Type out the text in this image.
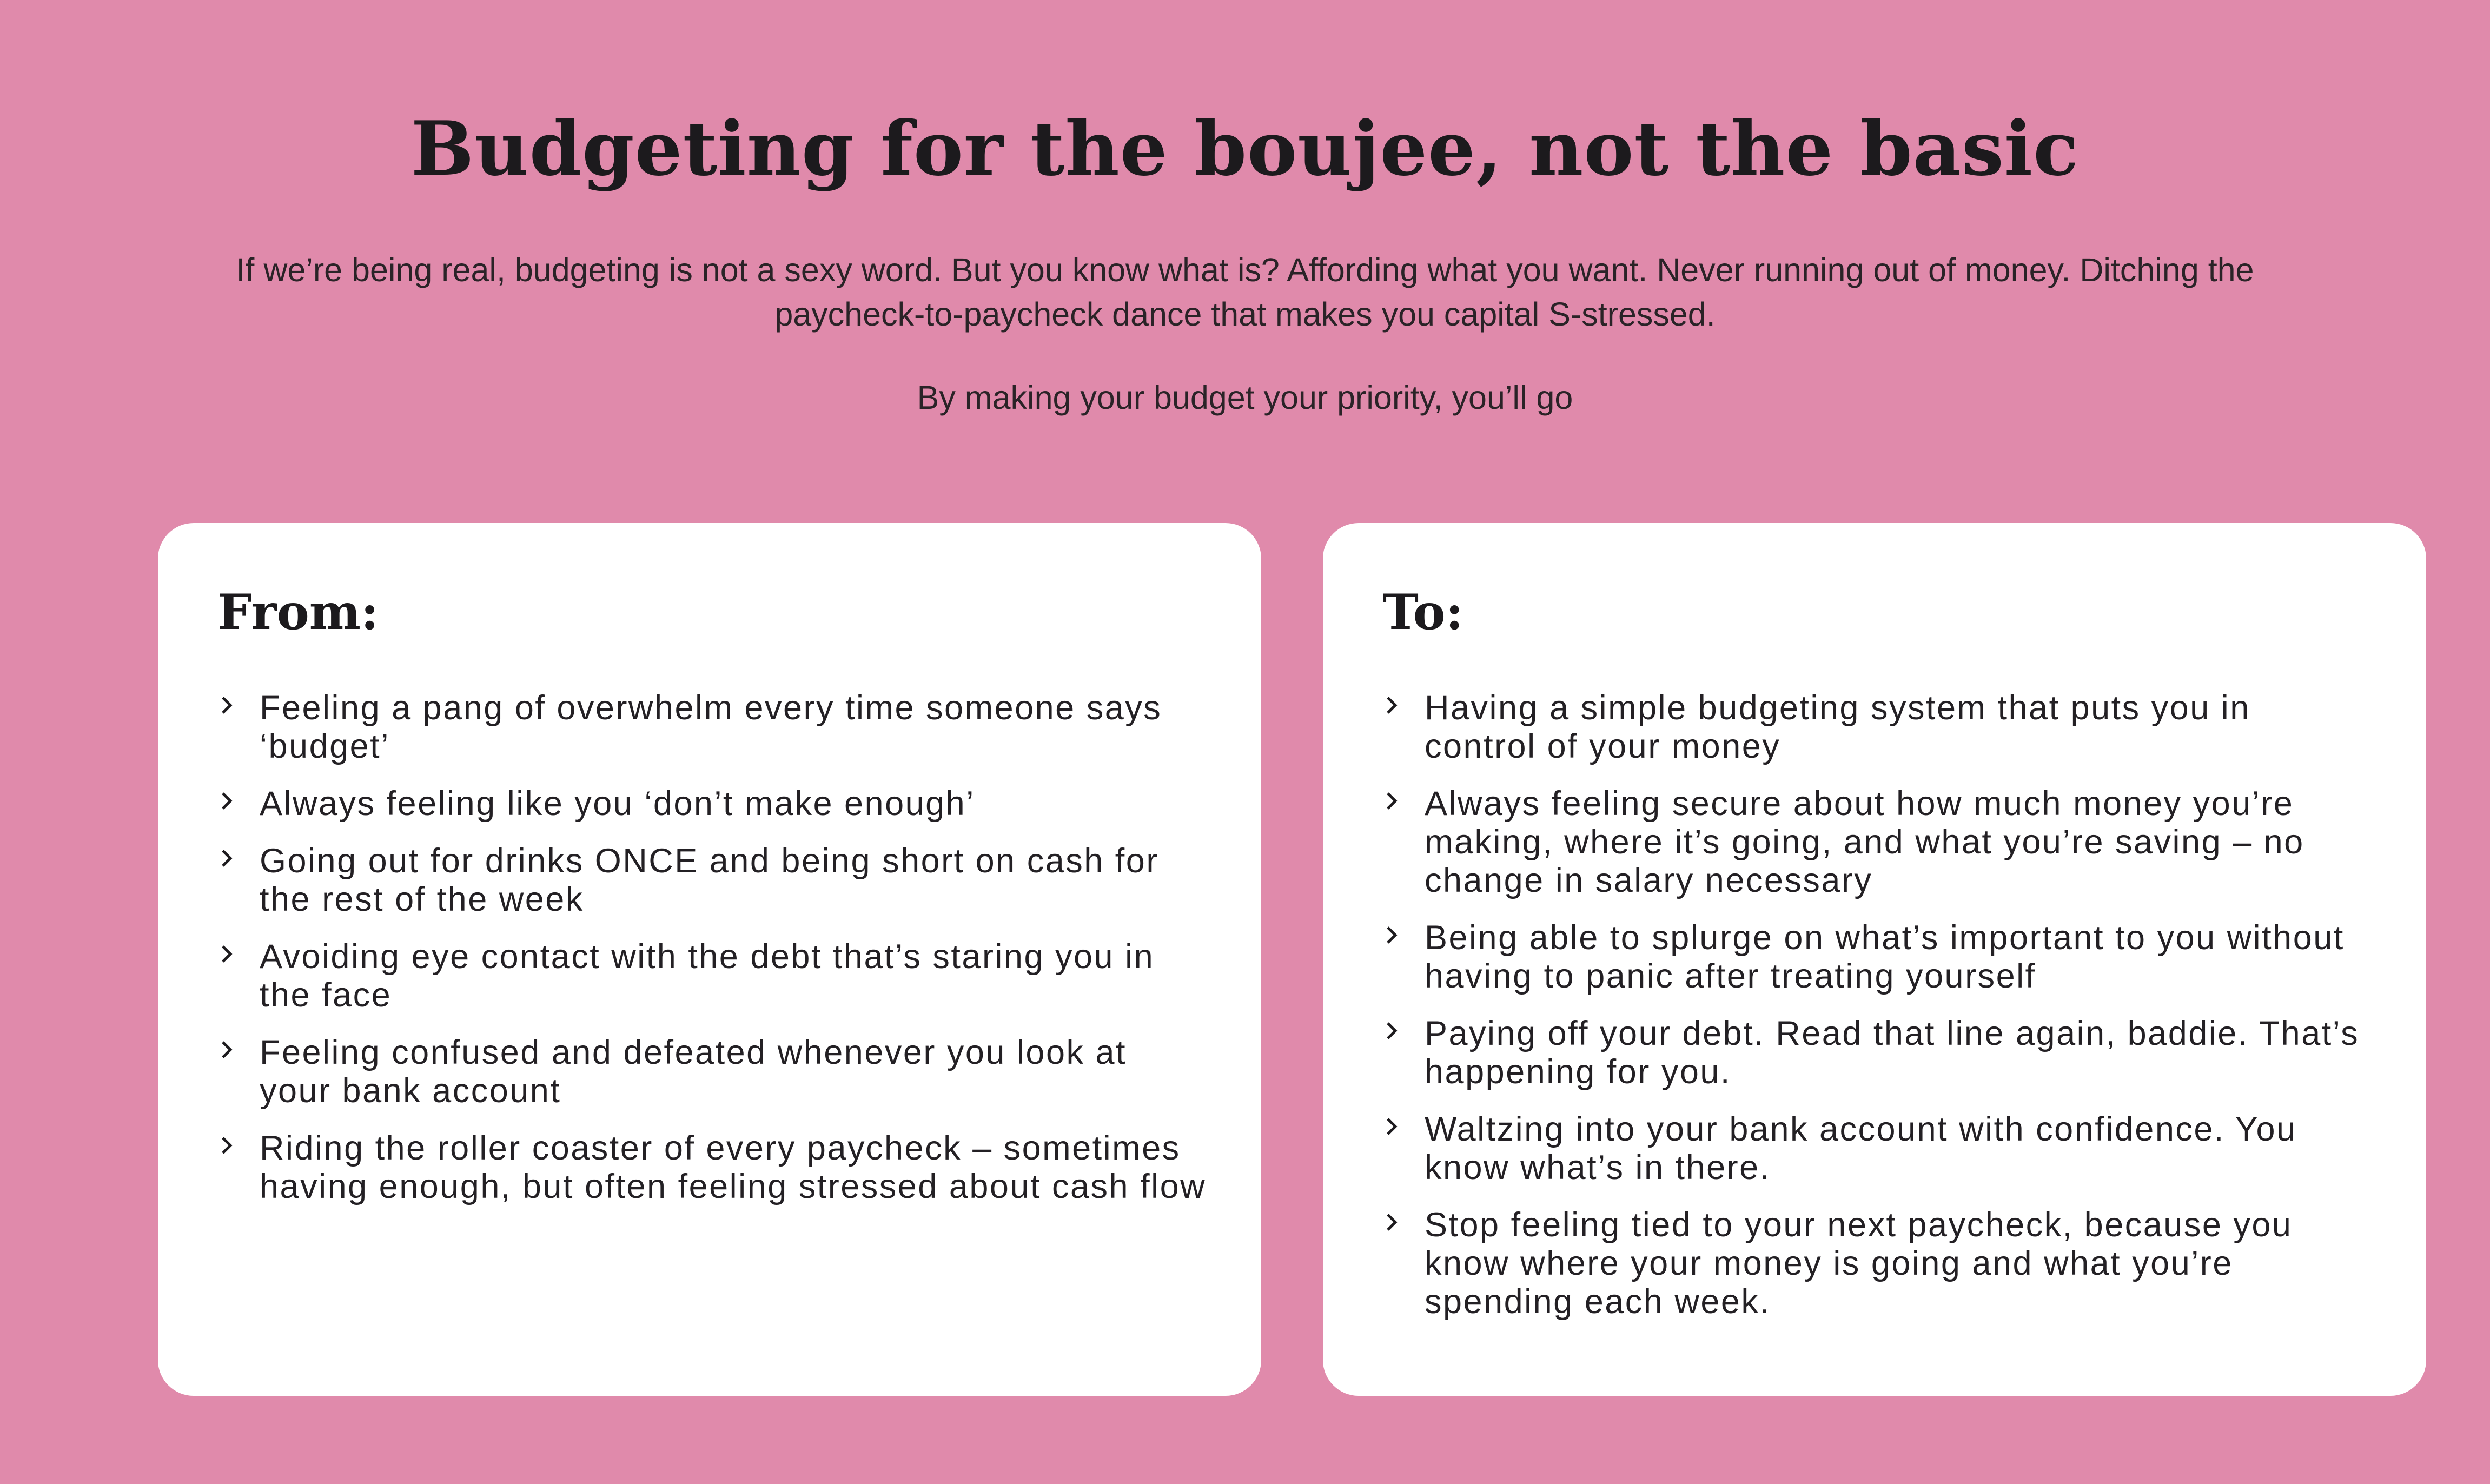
Budgeting for the boujee, not the basic

If we’re being real, budgeting is not a sexy word. But you know what is? Affording what you want. Never running out of money. Ditching the paycheck-to-paycheck dance that makes you capital S-stressed.

By making your budget your priority, you’ll go

From:
Feeling a pang of overwhelm every time someone says ‘budget’
Always feeling like you ‘don’t make enough’
Going out for drinks ONCE and being short on cash for the rest of the week
Avoiding eye contact with the debt that’s staring you in the face
Feeling confused and defeated whenever you look at your bank account
Riding the roller coaster of every paycheck – sometimes having enough, but often feeling stressed about cash flow
To:
Having a simple budgeting system that puts you in control of your money
Always feeling secure about how much money you’re making, where it’s going, and what you’re saving – no change in salary necessary
Being able to splurge on what’s important to you without having to panic after treating yourself
Paying off your debt. Read that line again, baddie. That’s happening for you.
Waltzing into your bank account with confidence. You know what’s in there.
Stop feeling tied to your next paycheck, because you know where your money is going and what you’re spending each week.
